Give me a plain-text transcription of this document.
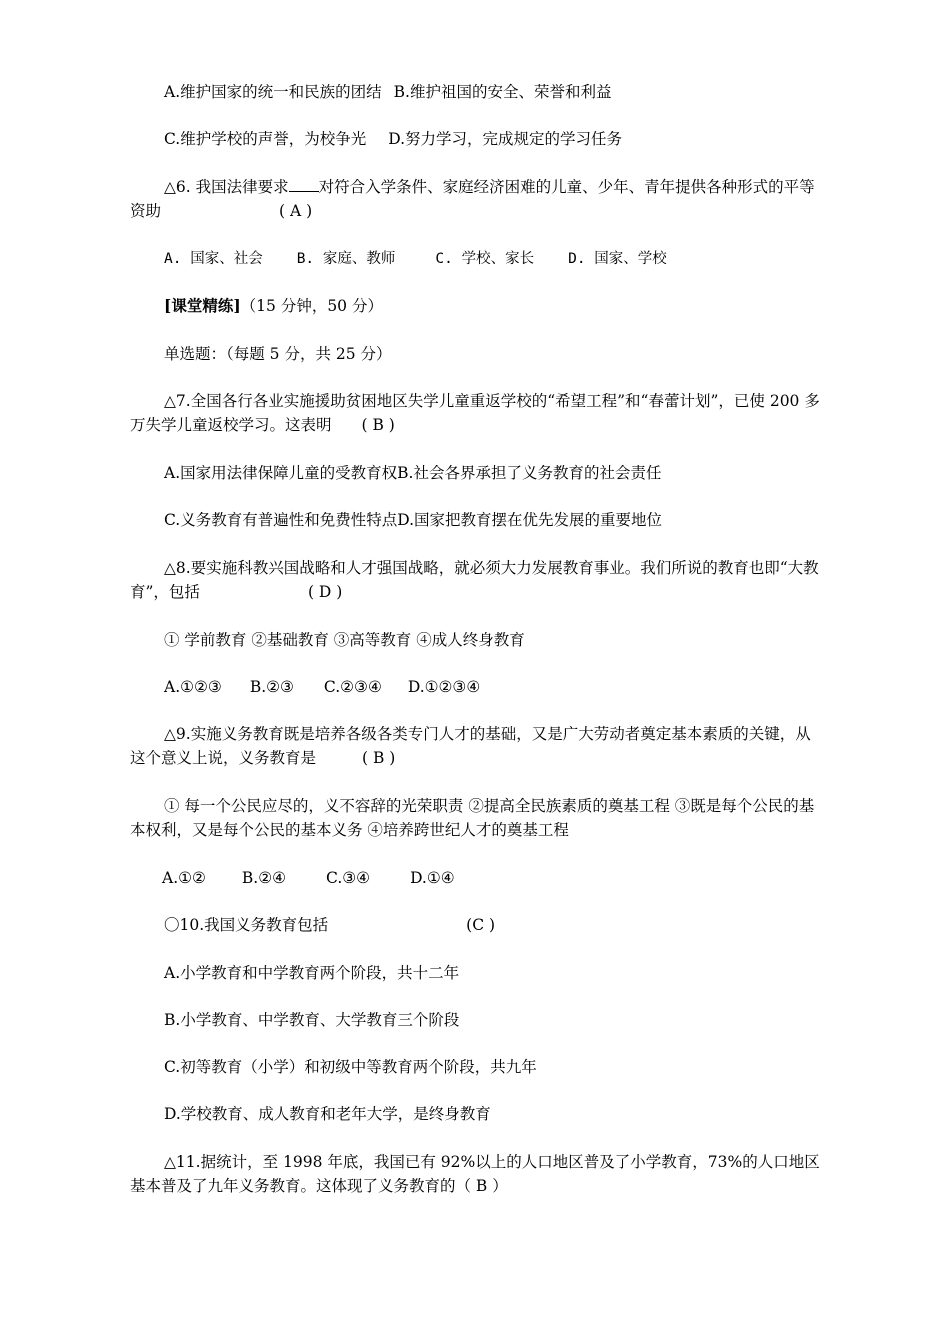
A.维护国家的统一和民族的团结 B.维护祖国的安全、荣誉和利益
C.维护学校的声誉，为校争光 D.努力学习，完成规定的学习任务
△6. 我国法律要求 对符合入学条件、家庭经济困难的儿童、少年、青年提供各种形式的平等资助	( A )
A. 国家、社会 B. 家庭、教师	C. 学校、家长 D. 国家、学校
[课堂精练]（15 分钟，50 分）
单选题：（每题 5 分，共 25 分）
△7.全国各行各业实施援助贫困地区失学儿童重返学校的“希望工程”和“春蕾计划”，已使 200 多万失学儿童返校学习。这表明 ( B )
A.国家用法律保障儿童的受教育权B.社会各界承担了义务教育的社会责任
C.义务教育有普遍性和免费性特点D.国家把教育摆在优先发展的重要地位
△8.要实施科教兴国战略和人才强国战略，就必须大力发展教育事业。我们所说的教育也即“大教育”，包括	( D )
① 学前教育 ②基础教育 ③高等教育 ④成人终身教育
A.①②③ B.②③ C.②③④ D.①②③④
△9.实施义务教育既是培养各级各类专门人才的基础，又是广大劳动者奠定基本素质的关键，从这个意义上说，义务教育是	( B )
① 每一个公民应尽的，义不容辞的光荣职责 ②提高全民族素质的奠基工程 ③既是每个公民的基本权利，又是每个公民的基本义务 ④培养跨世纪人才的奠基工程
A.①② B.②④	C.③④	D.①④
〇10.我国义务教育包括	(C )
A.小学教育和中学教育两个阶段，共十二年
B.小学教育、中学教育、大学教育三个阶段
C.初等教育（小学）和初级中等教育两个阶段，共九年
D.学校教育、成人教育和老年大学，是终身教育
△11.据统计，至 1998 年底，我国已有 92%以上的人口地区普及了小学教育，73%的人口地区基本普及了九年义务教育。这体现了义务教育的（ B ）
